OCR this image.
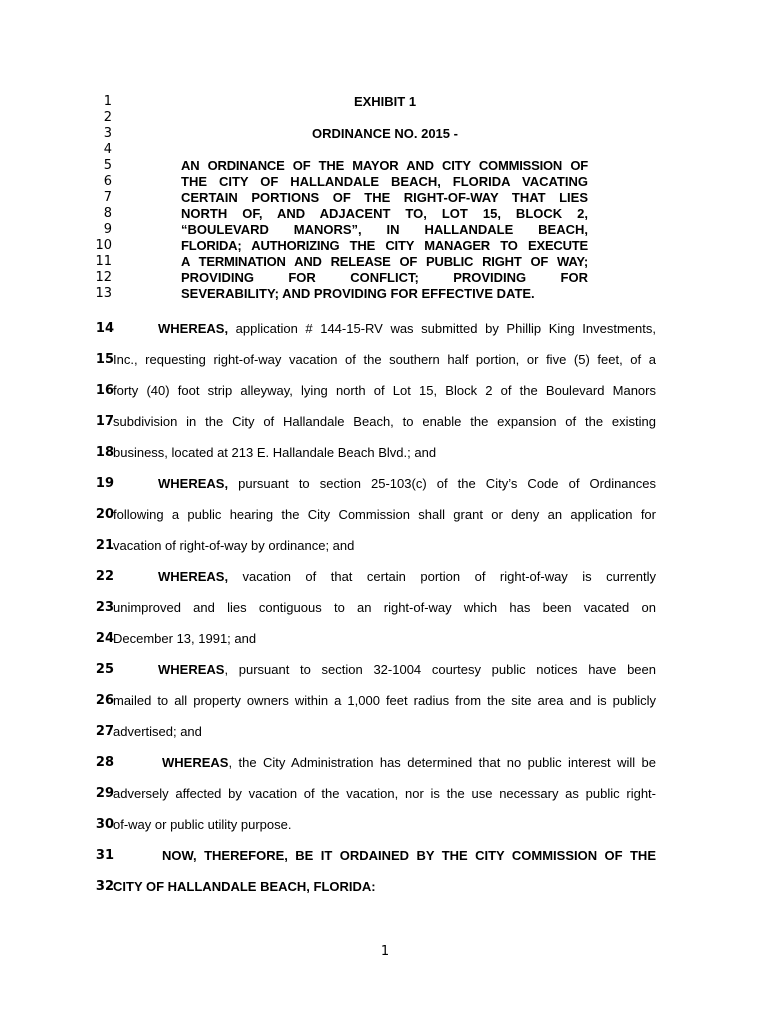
1	EXHIBIT 1
2
3	ORDINANCE NO. 2015 -
4
5	AN ORDINANCE OF THE MAYOR AND CITY COMMISSION OF
6	THE CITY OF HALLANDALE BEACH, FLORIDA VACATING
7	CERTAIN PORTIONS OF THE RIGHT-OF-WAY THAT LIES
8	NORTH OF, AND ADJACENT TO, LOT 15, BLOCK 2,
9	“BOULEVARD MANORS”, IN HALLANDALE BEACH,
10	FLORIDA; AUTHORIZING THE CITY MANAGER TO EXECUTE
11	A TERMINATION AND RELEASE OF PUBLIC RIGHT OF WAY;
12	PROVIDING FOR CONFLICT; PROVIDING FOR
13	SEVERABILITY; AND PROVIDING FOR EFFECTIVE DATE.
14	WHEREAS, application # 144-15-RV was submitted by Phillip King Investments,
15 Inc., requesting right-of-way vacation of the southern half portion, or five (5) feet, of a
16 forty (40) foot strip alleyway, lying north of Lot 15, Block 2 of the Boulevard Manors
17 subdivision in the City of Hallandale Beach, to enable the expansion of the existing
18 business, located at 213 E. Hallandale Beach Blvd.; and
19	WHEREAS, pursuant to section 25-103(c) of the City’s Code of Ordinances
20 following a public hearing the City Commission shall grant or deny an application for
21 vacation of right-of-way by ordinance; and
22	WHEREAS, vacation of that certain portion of right-of-way is currently
23 unimproved and lies contiguous to an right-of-way which has been vacated on
24 December 13, 1991; and
25	WHEREAS, pursuant to section 32-1004 courtesy public notices have been
26 mailed to all property owners within a 1,000 feet radius from the site area and is publicly
27 advertised; and
28	WHEREAS, the City Administration has determined that no public interest will be
29 adversely affected by vacation of the vacation, nor is the use necessary as public right-
30 of-way or public utility purpose.
31	NOW, THEREFORE, BE IT ORDAINED BY THE CITY COMMISSION OF THE
32 CITY OF HALLANDALE BEACH, FLORIDA:
1
